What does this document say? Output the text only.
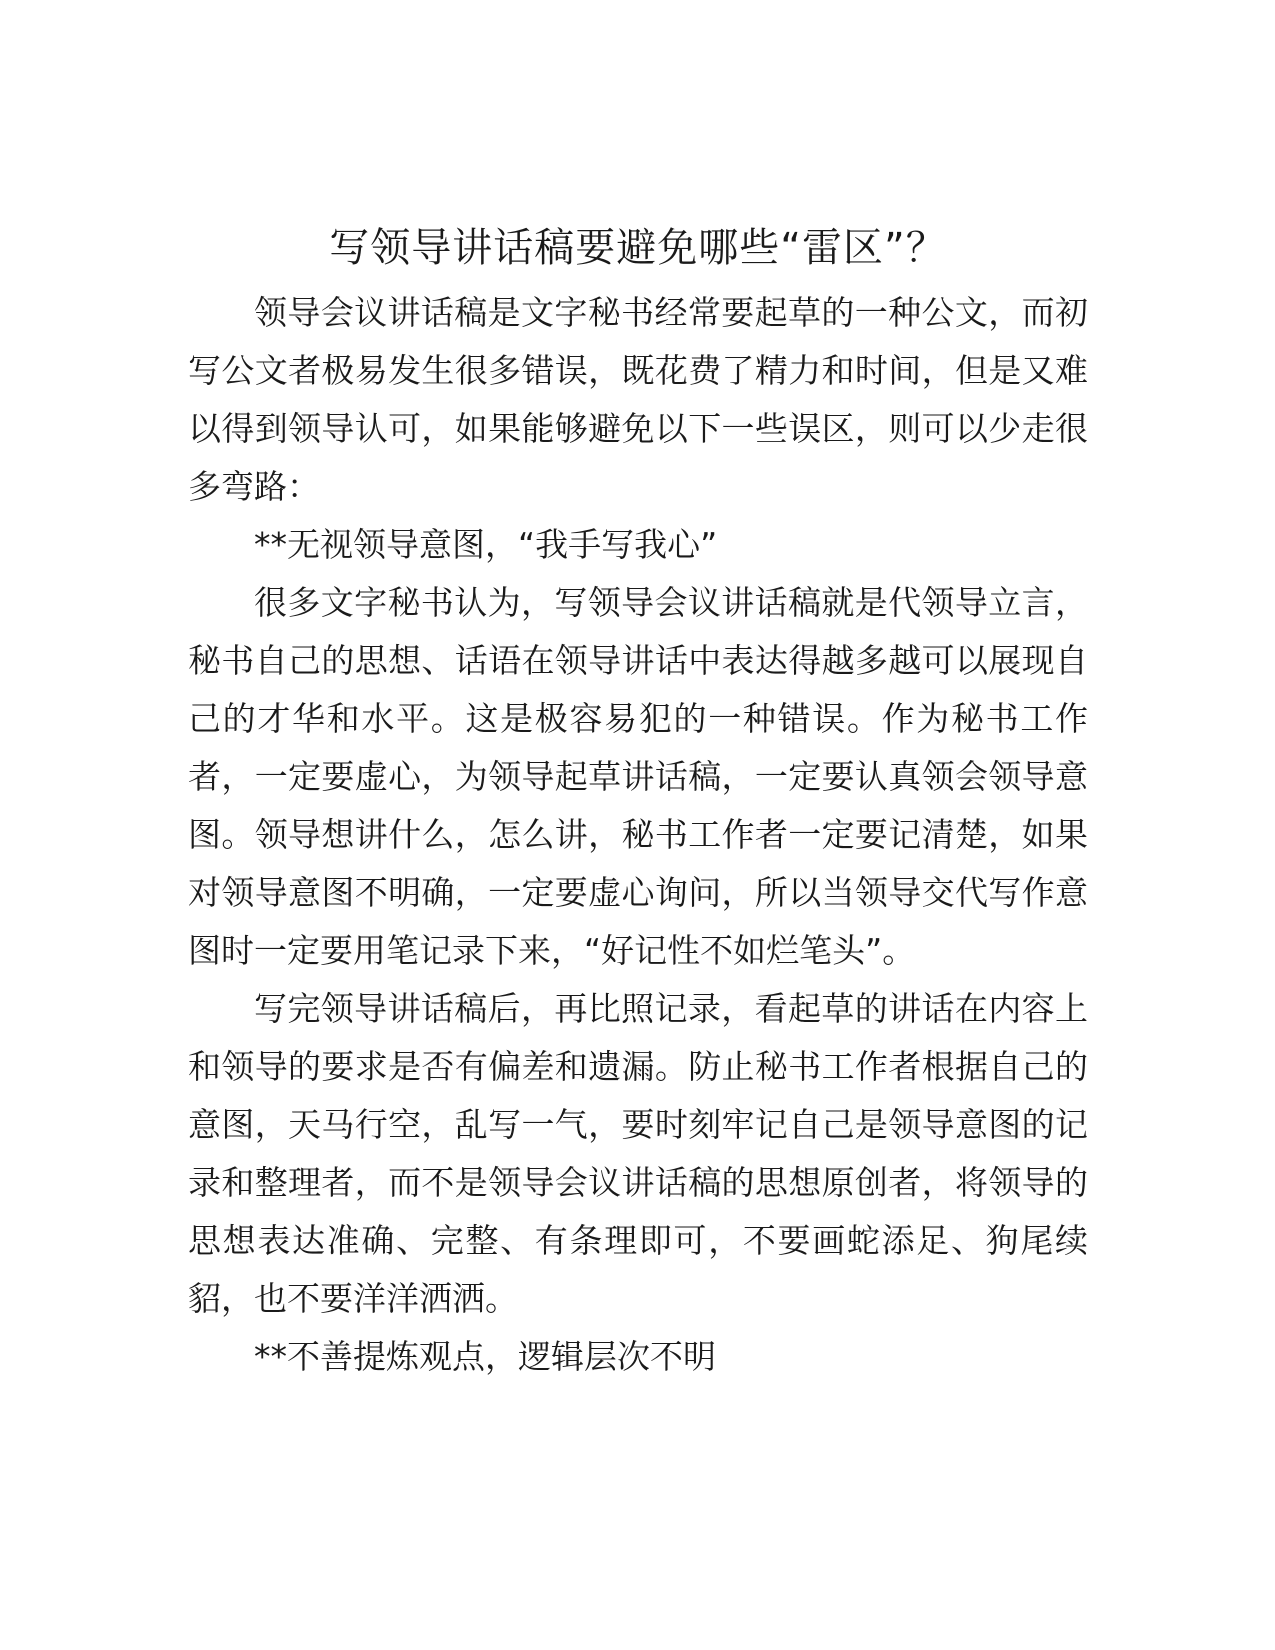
写领导讲话稿要避免哪些“雷区”？

领导会议讲话稿是文字秘书经常要起草的一种公文，而初写公文者极易发生很多错误，既花费了精力和时间，但是又难以得到领导认可，如果能够避免以下一些误区，则可以少走很多弯路：

**无视领导意图，“我手写我心”

很多文字秘书认为，写领导会议讲话稿就是代领导立言，秘书自己的思想、话语在领导讲话中表达得越多越可以展现自己的才华和水平。这是极容易犯的一种错误。作为秘书工作者，一定要虚心，为领导起草讲话稿，一定要认真领会领导意图。领导想讲什么，怎么讲，秘书工作者一定要记清楚，如果对领导意图不明确，一定要虚心询问，所以当领导交代写作意图时一定要用笔记录下来，“好记性不如烂笔头”。

写完领导讲话稿后，再比照记录，看起草的讲话在内容上和领导的要求是否有偏差和遗漏。防止秘书工作者根据自己的意图，天马行空，乱写一气，要时刻牢记自己是领导意图的记录和整理者，而不是领导会议讲话稿的思想原创者，将领导的思想表达准确、完整、有条理即可，不要画蛇添足、狗尾续貂，也不要洋洋洒洒。

**不善提炼观点，逻辑层次不明
